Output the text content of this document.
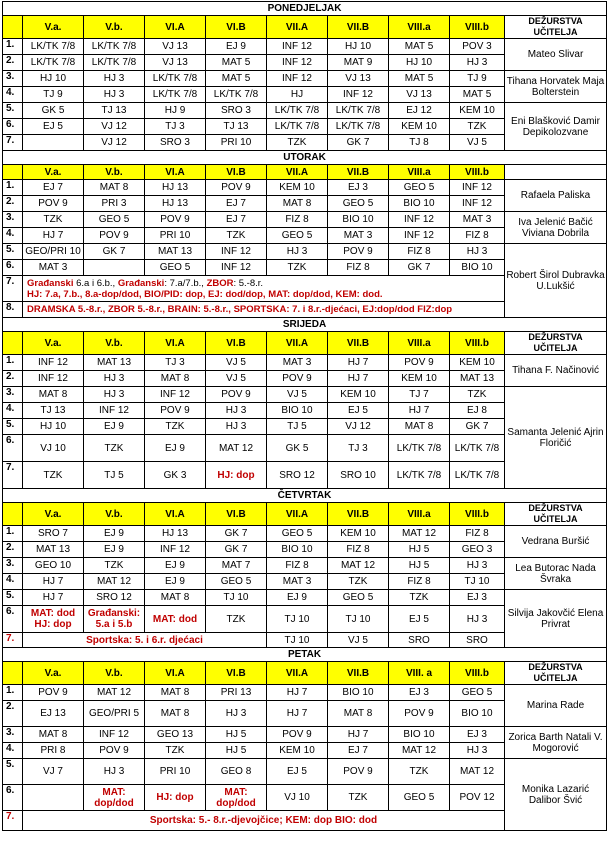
PONEDJELJAK									
	V.a.	V.b.	VI.A	VI.B	VII.A	VII.B	VIII.a	VIII.b	DEŽURSTVA UČITELJA
1.	LK/TK 7/8	LK/TK 7/8	VJ 13	EJ 9	INF 12	HJ 10	MAT 5	POV 3	Mateo Slivar
2.	LK/TK 7/8	LK/TK 7/8	VJ 13	MAT 5	INF 12	MAT 9	HJ 10	HJ 3	
3.	HJ 10	HJ 3	LK/TK 7/8	MAT 5	INF 12	VJ 13	MAT 5	TJ 9	Tihana Horvatek Maja Bolterstein
4.	TJ 9	HJ 3	LK/TK 7/8	LK/TK 7/8	HJ	INF 12	VJ 13	MAT 5	
5.	GK 5	TJ 13	HJ 9	SRO 3	LK/TK 7/8	LK/TK 7/8	EJ 12	KEM 10	Eni Blašković Damir Depikolozvane
6.	EJ 5	VJ 12	TJ 3	TJ 13	LK/TK 7/8	LK/TK 7/8	KEM 10	TZK	
7.		VJ 12	SRO 3	PRI 10	TZK	GK 7	TJ 8	VJ 5	
UTORAK									
	V.a.	V.b.	VI.A	VI.B	VII.A	VII.B	VIII.a	VIII.b	
1.	EJ 7	MAT 8	HJ 13	POV 9	KEM 10	EJ 3	GEO 5	INF 12	Rafaela Paliska
2.	POV 9	PRI 3	HJ 13	EJ 7	MAT 8	GEO 5	BIO 10	INF 12	
3.	TZK	GEO 5	POV 9	EJ 7	FIZ 8	BIO 10	INF 12	MAT 3	Iva Jelenić Bačić Viviana Dobrila
4.	HJ 7	POV 9	PRI 10	TZK	GEO 5	MAT 3	INF 12	FIZ 8	
5.	GEO/PRI 10	GK 7	MAT 13	INF 12	HJ 3	POV 9	FIZ 8	HJ 3	Robert Širol Dubravka U.Lukšić
6.	MAT 3		GEO 5	INF 12	TZK	FIZ 8	GK 7	BIO 10	
7.	Građanski 6.a i 6.b., Građanski: 7.a/7.b., ZBOR: 5.-8.r.
HJ: 7.a, 7.b., 8.a-dop/dod, BIO/PID: dop, EJ: dod/dop, MAT: dop/dod, KEM: dod.								

8.	DRAMSKA 5.-8.r., ZBOR 5.-8.r., BRAIN: 5.-8.r., SPORTSKA: 7. i 8.r.-djećaci, EJ:dop/dod FIZ:dop								
SRIJEDA									
	V.a.	V.b.	VI.A	VI.B	VII.A	VII.B	VIII.a	VIII.b	DEŽURSTVA UČITELJA
1.	INF 12	MAT 13	TJ 3	VJ 5	MAT 3	HJ 7	POV 9	KEM 10	Tihana F. Načinović
2.	INF 12	HJ 3	MAT 8	VJ 5	POV 9	HJ 7	KEM 10	MAT 13	
3.	MAT 8	HJ 3	INF 12	POV 9	VJ 5	KEM 10	TJ 7	TZK	Samanta Jelenić Ajrin Floričić
4.	TJ 13	INF 12	POV 9	HJ 3	BIO 10	EJ 5	HJ 7	EJ 8	
5.	HJ 10	EJ 9	TZK	HJ 3	TJ 5	VJ 12	MAT 8	GK 7	
6.	VJ 10	TZK	EJ 9	MAT 12	GK 5	TJ 3	LK/TK 7/8	LK/TK 7/8	
7.	TZK	TJ 5	GK 3	HJ: dop	SRO 12	SRO 10	LK/TK 7/8	LK/TK 7/8	
ČETVRTAK									
	V.a.	V.b.	VI.A	VI.B	VII.A	VII.B	VIII.a	VIII.b	DEŽURSTVA UČITELJA
1.	SRO 7	EJ 9	HJ 13	GK 7	GEO 5	KEM 10	MAT 12	FIZ 8	Vedrana Buršić
2.	MAT 13	EJ 9	INF 12	GK 7	BIO 10	FIZ 8	HJ 5	GEO 3	
3.	GEO 10	TZK	EJ 9	MAT 7	FIZ 8	MAT 12	HJ 5	HJ 3	Lea Butorac Nada Švraka
4.	HJ 7	MAT 12	EJ 9	GEO 5	MAT 3	TZK	FIZ 8	TJ 10	
5.	HJ 7	SRO 12	MAT 8	TJ 10	EJ 9	GEO 5	TZK	EJ 3	Silvija Jakovčić Elena Privrat
6.	MAT: dod HJ: dop	Građanski: 5.a i 5.b	MAT: dod	TZK	TJ 10	TJ 10	EJ 5	HJ 3	
7.	Sportska: 5. i 6.r. djećaci				TJ 10	VJ 5	SRO	SRO	
PETAK									
	V.a.	V.b.	VI.A	VI.B	VII.A	VII.B	VIII. a	VIII.b	DEŽURSTVA UČITELJA
1.	POV 9	MAT 12	MAT 8	PRI 13	HJ 7	BIO 10	EJ 3	GEO 5	Marina Rade
2.	EJ 13	GEO/PRI 5	MAT 8	HJ 3	HJ 7	MAT 8	POV 9	BIO 10	
3.	MAT 8	INF 12	GEO 13	HJ 5	POV 9	HJ 7	BIO 10	EJ 3	Zorica Barth Natali V. Mogorović
4.	PRI 8	POV 9	TZK	HJ 5	KEM 10	EJ 7	MAT 12	HJ 3	
5.	VJ 7	HJ 3	PRI 10	GEO 8	EJ 5	POV 9	TZK	MAT 12	Monika Lazarić Dalibor Švić
6.		MAT: dop/dod	HJ: dop	MAT: dop/dod	VJ 10	TZK	GEO 5	POV 12	
7.	Sportska: 5.- 8.r.-djevojčice; KEM: dop BIO: dod								
